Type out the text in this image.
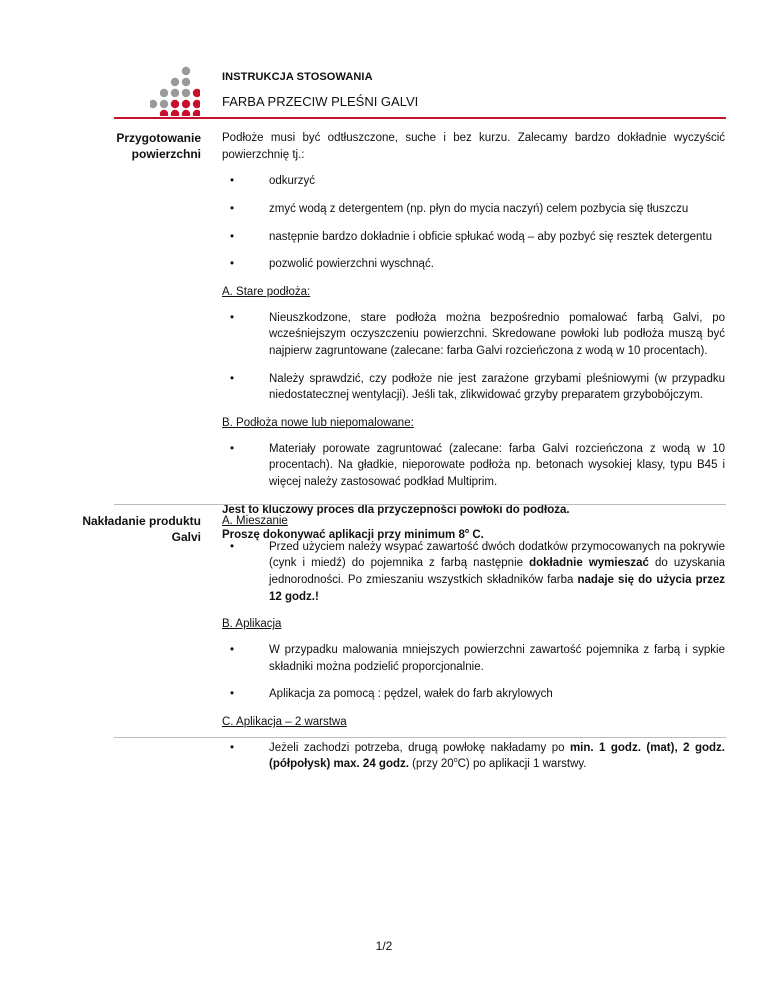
INSTRUKCJA STOSOWANIA
FARBA PRZECIW PLEŚNI GALVI
Przygotowanie
powierzchni

Podłoże musi być odtłuszczone, suche i bez kurzu. Zalecamy bardzo dokładnie wyczyścić powierzchnię tj.:

•	odkurzyć
•	zmyć wodą z detergentem (np. płyn do mycia naczyń) celem pozbycia się tłuszczu
•	następnie bardzo dokładnie i obficie spłukać wodą – aby pozbyć się resztek detergentu
•	pozwolić powierzchni wyschnąć.
A. Stare podłoża:
•	Nieuszkodzone, stare podłoża można bezpośrednio pomalować farbą Galvi, po wcześniejszym oczyszczeniu powierzchni. Skredowane powłoki lub podłoża muszą być najpierw zagruntowane (zalecane: farba Galvi rozcieńczona z wodą w 10 procentach).
•	Należy sprawdzić, czy podłoże nie jest zarażone grzybami pleśniowymi (w przypadku niedostatecznej wentylacji). Jeśli tak, zlikwidować grzyby preparatem grzybobójczym.
B. Podłoża nowe lub niepomalowane:
•	Materiały porowate zagruntować (zalecane: farba Galvi rozcieńczona z wodą w 10 procentach). Na gładkie, nieporowate podłoża np. betonach wysokiej klasy, typu B45 i więcej należy zastosować podkład Multiprim.
Jest to kluczowy proces dla przyczepności powłoki do podłoża.
Proszę dokonywać aplikacji przy minimum 8$^o$ C.
Nakładanie produktu
Galvi
A. Mieszanie
•	Przed użyciem należy wsypać zawartość dwóch dodatków przymocowanych na pokrywie (cynk i miedź) do pojemnika z farbą następnie dokładnie wymieszać do uzyskania jednorodności. Po zmieszaniu wszystkich składników farba nadaje się do użycia przez 12 godz.!
B. Aplikacja
•	W przypadku malowania mniejszych powierzchni zawartość pojemnika z farbą i sypkie składniki można podzielić proporcjonalnie.
•	Aplikacja za pomocą : pędzel, wałek do farb akrylowych
C. Aplikacja – 2 warstwa
•	Jeżeli zachodzi potrzeba, drugą powłokę nakładamy po min. 1 godz. (mat), 2 godz. (półpołysk) max. 24 godz. (przy 20$^o$C) po aplikacji 1 warstwy.
1/2
